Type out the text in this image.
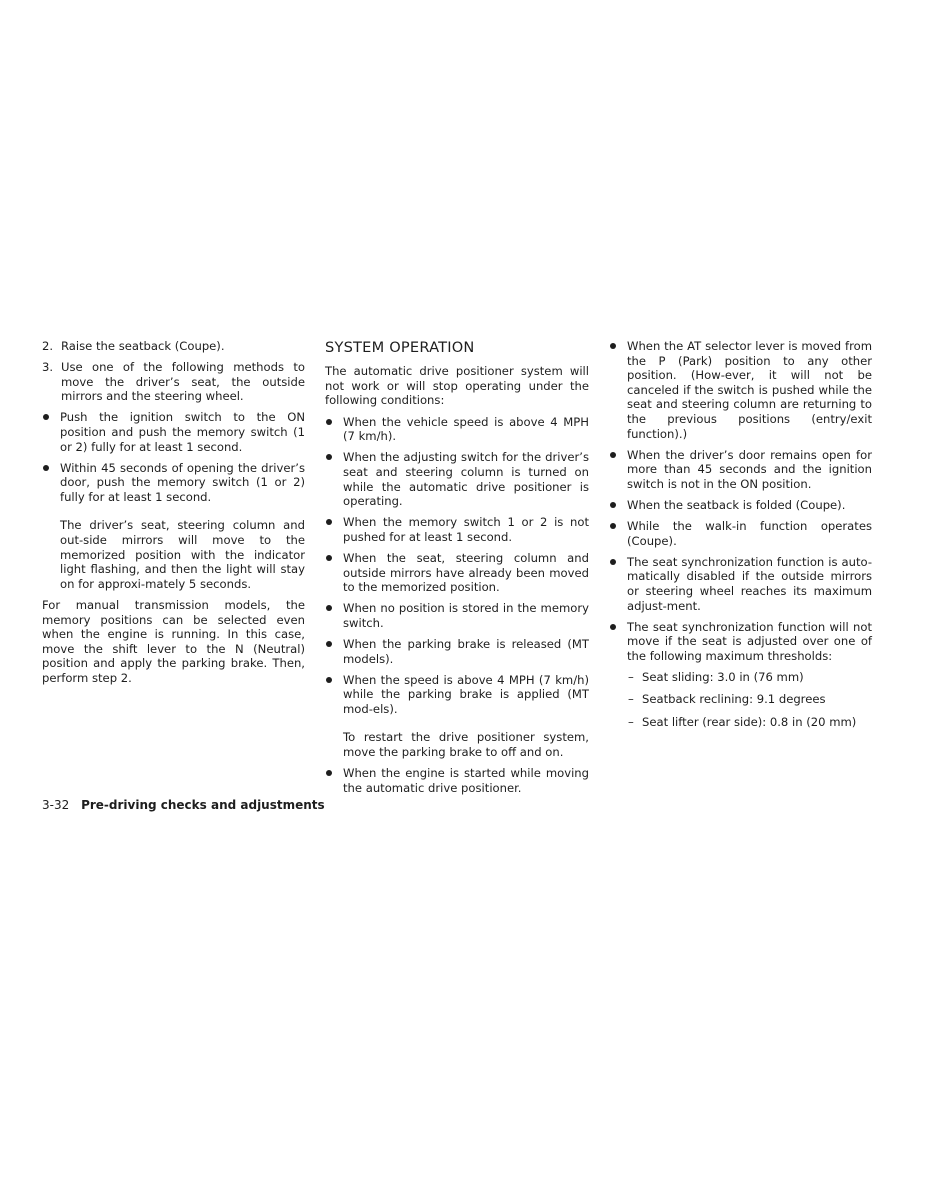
2. Raise the seatback (Coupe).

3. Use one of the following methods to move the driver’s seat, the outside mirrors and the steering wheel.

Push the ignition switch to the ON position and push the memory switch (1 or 2) fully for at least 1 second.

Within 45 seconds of opening the driver’s door, push the memory switch (1 or 2) fully for at least 1 second.

The driver’s seat, steering column and out-side mirrors will move to the memorized position with the indicator light flashing, and then the light will stay on for approxi-mately 5 seconds.

For manual transmission models, the memory positions can be selected even when the engine is running. In this case, move the shift lever to the N (Neutral) position and apply the parking brake. Then, perform step 2.

SYSTEM OPERATION

The automatic drive positioner system will not work or will stop operating under the following conditions:

When the vehicle speed is above 4 MPH (7 km/h).

When the adjusting switch for the driver’s seat and steering column is turned on while the automatic drive positioner is operating.

When the memory switch 1 or 2 is not pushed for at least 1 second.

When the seat, steering column and outside mirrors have already been moved to the memorized position.

When no position is stored in the memory switch.

When the parking brake is released (MT models).

When the speed is above 4 MPH (7 km/h) while the parking brake is applied (MT mod-els).

To restart the drive positioner system, move the parking brake to off and on.

When the engine is started while moving the automatic drive positioner.

When the AT selector lever is moved from the P (Park) position to any other position. (How-ever, it will not be canceled if the switch is pushed while the seat and steering column are returning to the previous positions (entry/exit function).)

When the driver’s door remains open for more than 45 seconds and the ignition switch is not in the ON position.

When the seatback is folded (Coupe).

While the walk-in function operates (Coupe).

The seat synchronization function is auto-matically disabled if the outside mirrors or steering wheel reaches its maximum adjust-ment.

The seat synchronization function will not move if the seat is adjusted over one of the following maximum thresholds:

– Seat sliding: 3.0 in (76 mm)

– Seatback reclining: 9.1 degrees

– Seat lifter (rear side): 0.8 in (20 mm)

3-32 Pre-driving checks and adjustments
